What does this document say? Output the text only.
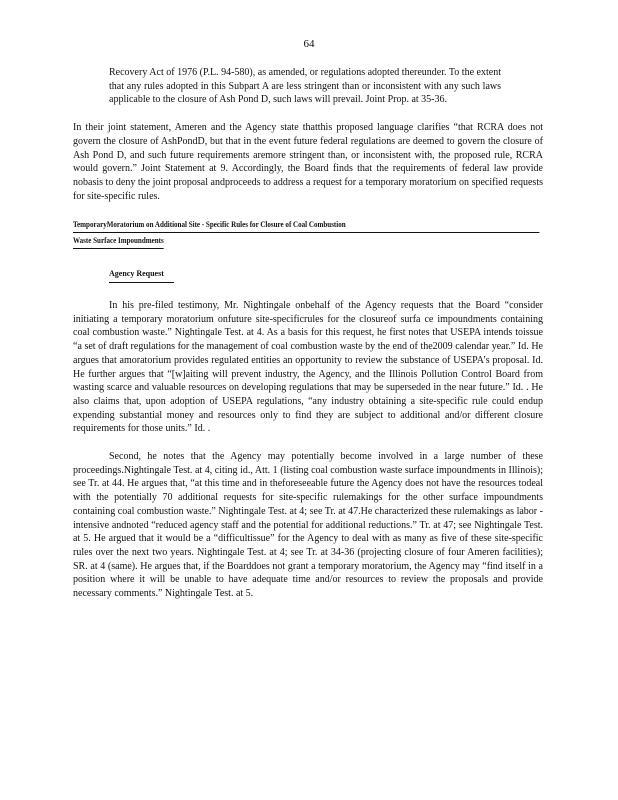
64

Recovery Act of 1976 (P.L. 94-580), as amended, or regulations adopted thereunder. To the extent that any rules adopted in this Subpart A are less stringent than or inconsistent with any such laws applicable to the closure of Ash Pond D, such laws will prevail. Joint Prop. at 35-36.

In their joint statement, Ameren and the Agency state thatthis proposed language clarifies “that RCRA does not govern the closure of AshPondD, but that in the event future federal regulations are deemed to govern the closure of Ash Pond D, and such future requirements aremore stringent than, or inconsistent with, the proposed rule, RCRA would govern.” Joint Statement at 9. Accordingly, the Board finds that the requirements of federal law provide nobasis to deny the joint proposal andproceeds to address a request for a temporary moratorium on specified requests for site-specific rules.

TemporaryMoratorium on Additional Site - Specific Rules for Closure of Coal Combustion
Waste Surface Impoundments
Agency Request

In his pre-filed testimony, Mr. Nightingale onbehalf of the Agency requests that the Board “consider initiating a temporary moratorium onfuture site-specificrules for the closureof surfa ce impoundments containing coal combustion waste.” Nightingale Test. at 4. As a basis for this request, he first notes that USEPA intends toissue “a set of draft regulations for the management of coal combustion waste by the end of the2009 calendar year.” Id. He argues that amoratorium provides regulated entities an opportunity to review the substance of USEPA’s proposal. Id. He further argues that “[w]aiting will prevent industry, the Agency, and the Illinois Pollution Control Board from wasting scarce and valuable resources on developing regulations that may be superseded in the near future.” Id. . He also claims that, upon adoption of USEPA regulations, “any industry obtaining a site-specific rule could endup expending substantial money and resources only to find they are subject to additional and/or different closure requirements for those units.” Id. .

Second, he notes that the Agency may potentially become involved in a large number of these proceedings.Nightingale Test. at 4, citing id., Att. 1 (listing coal combustion waste surface impoundments in Illinois); see Tr. at 44. He argues that, “at this time and in theforeseeable future the Agency does not have the resources todeal with the potentially 70 additional requests for site-specific rulemakings for the other surface impoundments containing coal combustion waste.” Nightingale Test. at 4; see Tr. at 47.He characterized these rulemakings as labor - intensive andnoted “reduced agency staff and the potential for additional reductions.” Tr. at 47; see Nightingale Test. at 5. He argued that it would be a “difficultissue” for the Agency to deal with as many as five of these site-specific rules over the next two years. Nightingale Test. at 4; see Tr. at 34-36 (projecting closure of four Ameren facilities); SR. at 4 (same). He argues that, if the Boarddoes not grant a temporary moratorium, the Agency may “find itself in a position where it will be unable to have adequate time and/or resources to review the proposals and provide necessary comments.” Nightingale Test. at 5.
